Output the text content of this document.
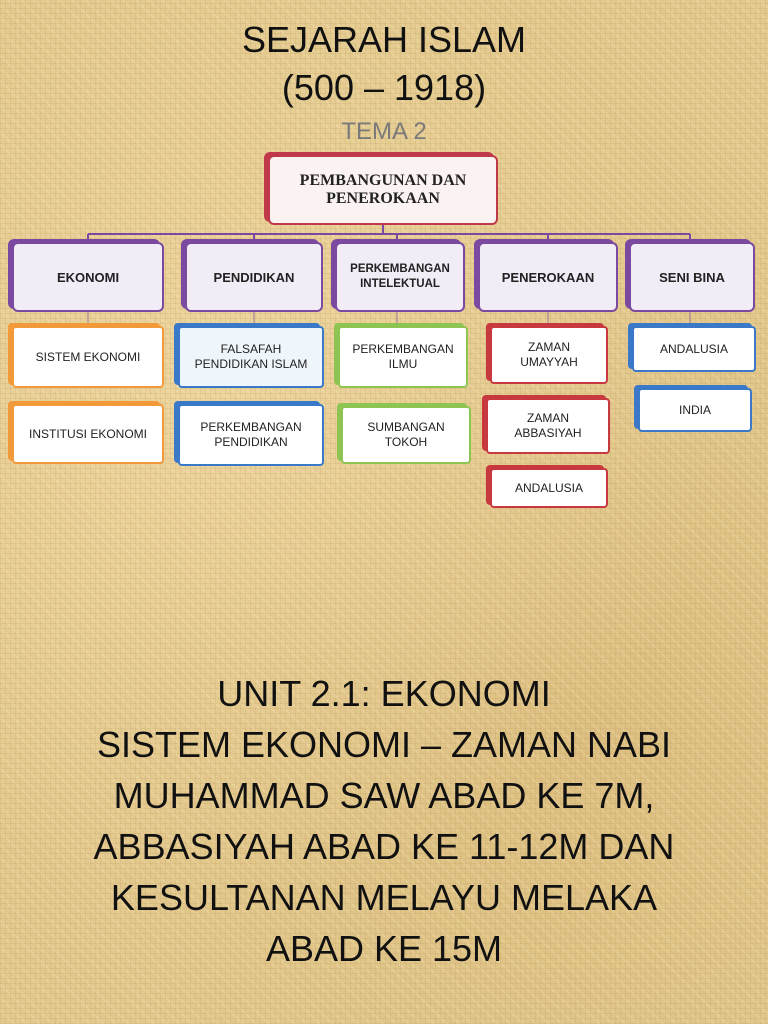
SEJARAH ISLAM
(500 – 1918)
TEMA 2
PEMBANGUNAN DAN PENEROKAAN
EKONOMI	PENDIDIKAN
PERKEMBANGAN INTELEKTUAL	PENEROKAAN	SENI BINA
SISTEM EKONOMI
INSTITUSI EKONOMI
FALSAFAH PENDIDIKAN ISLAM
PERKEMBANGAN PENDIDIKAN
PERKEMBANGAN ILMU
SUMBANGAN TOKOH
ZAMAN UMAYYAH
ZAMAN ABBASIYAH
ANDALUSIA
ANDALUSIA
INDIA
UNIT 2.1: EKONOMI
SISTEM EKONOMI – ZAMAN NABI
MUHAMMAD SAW ABAD KE 7M,
ABBASIYAH ABAD KE 11-12M DAN
KESULTANAN MELAYU MELAKA
ABAD KE 15M
